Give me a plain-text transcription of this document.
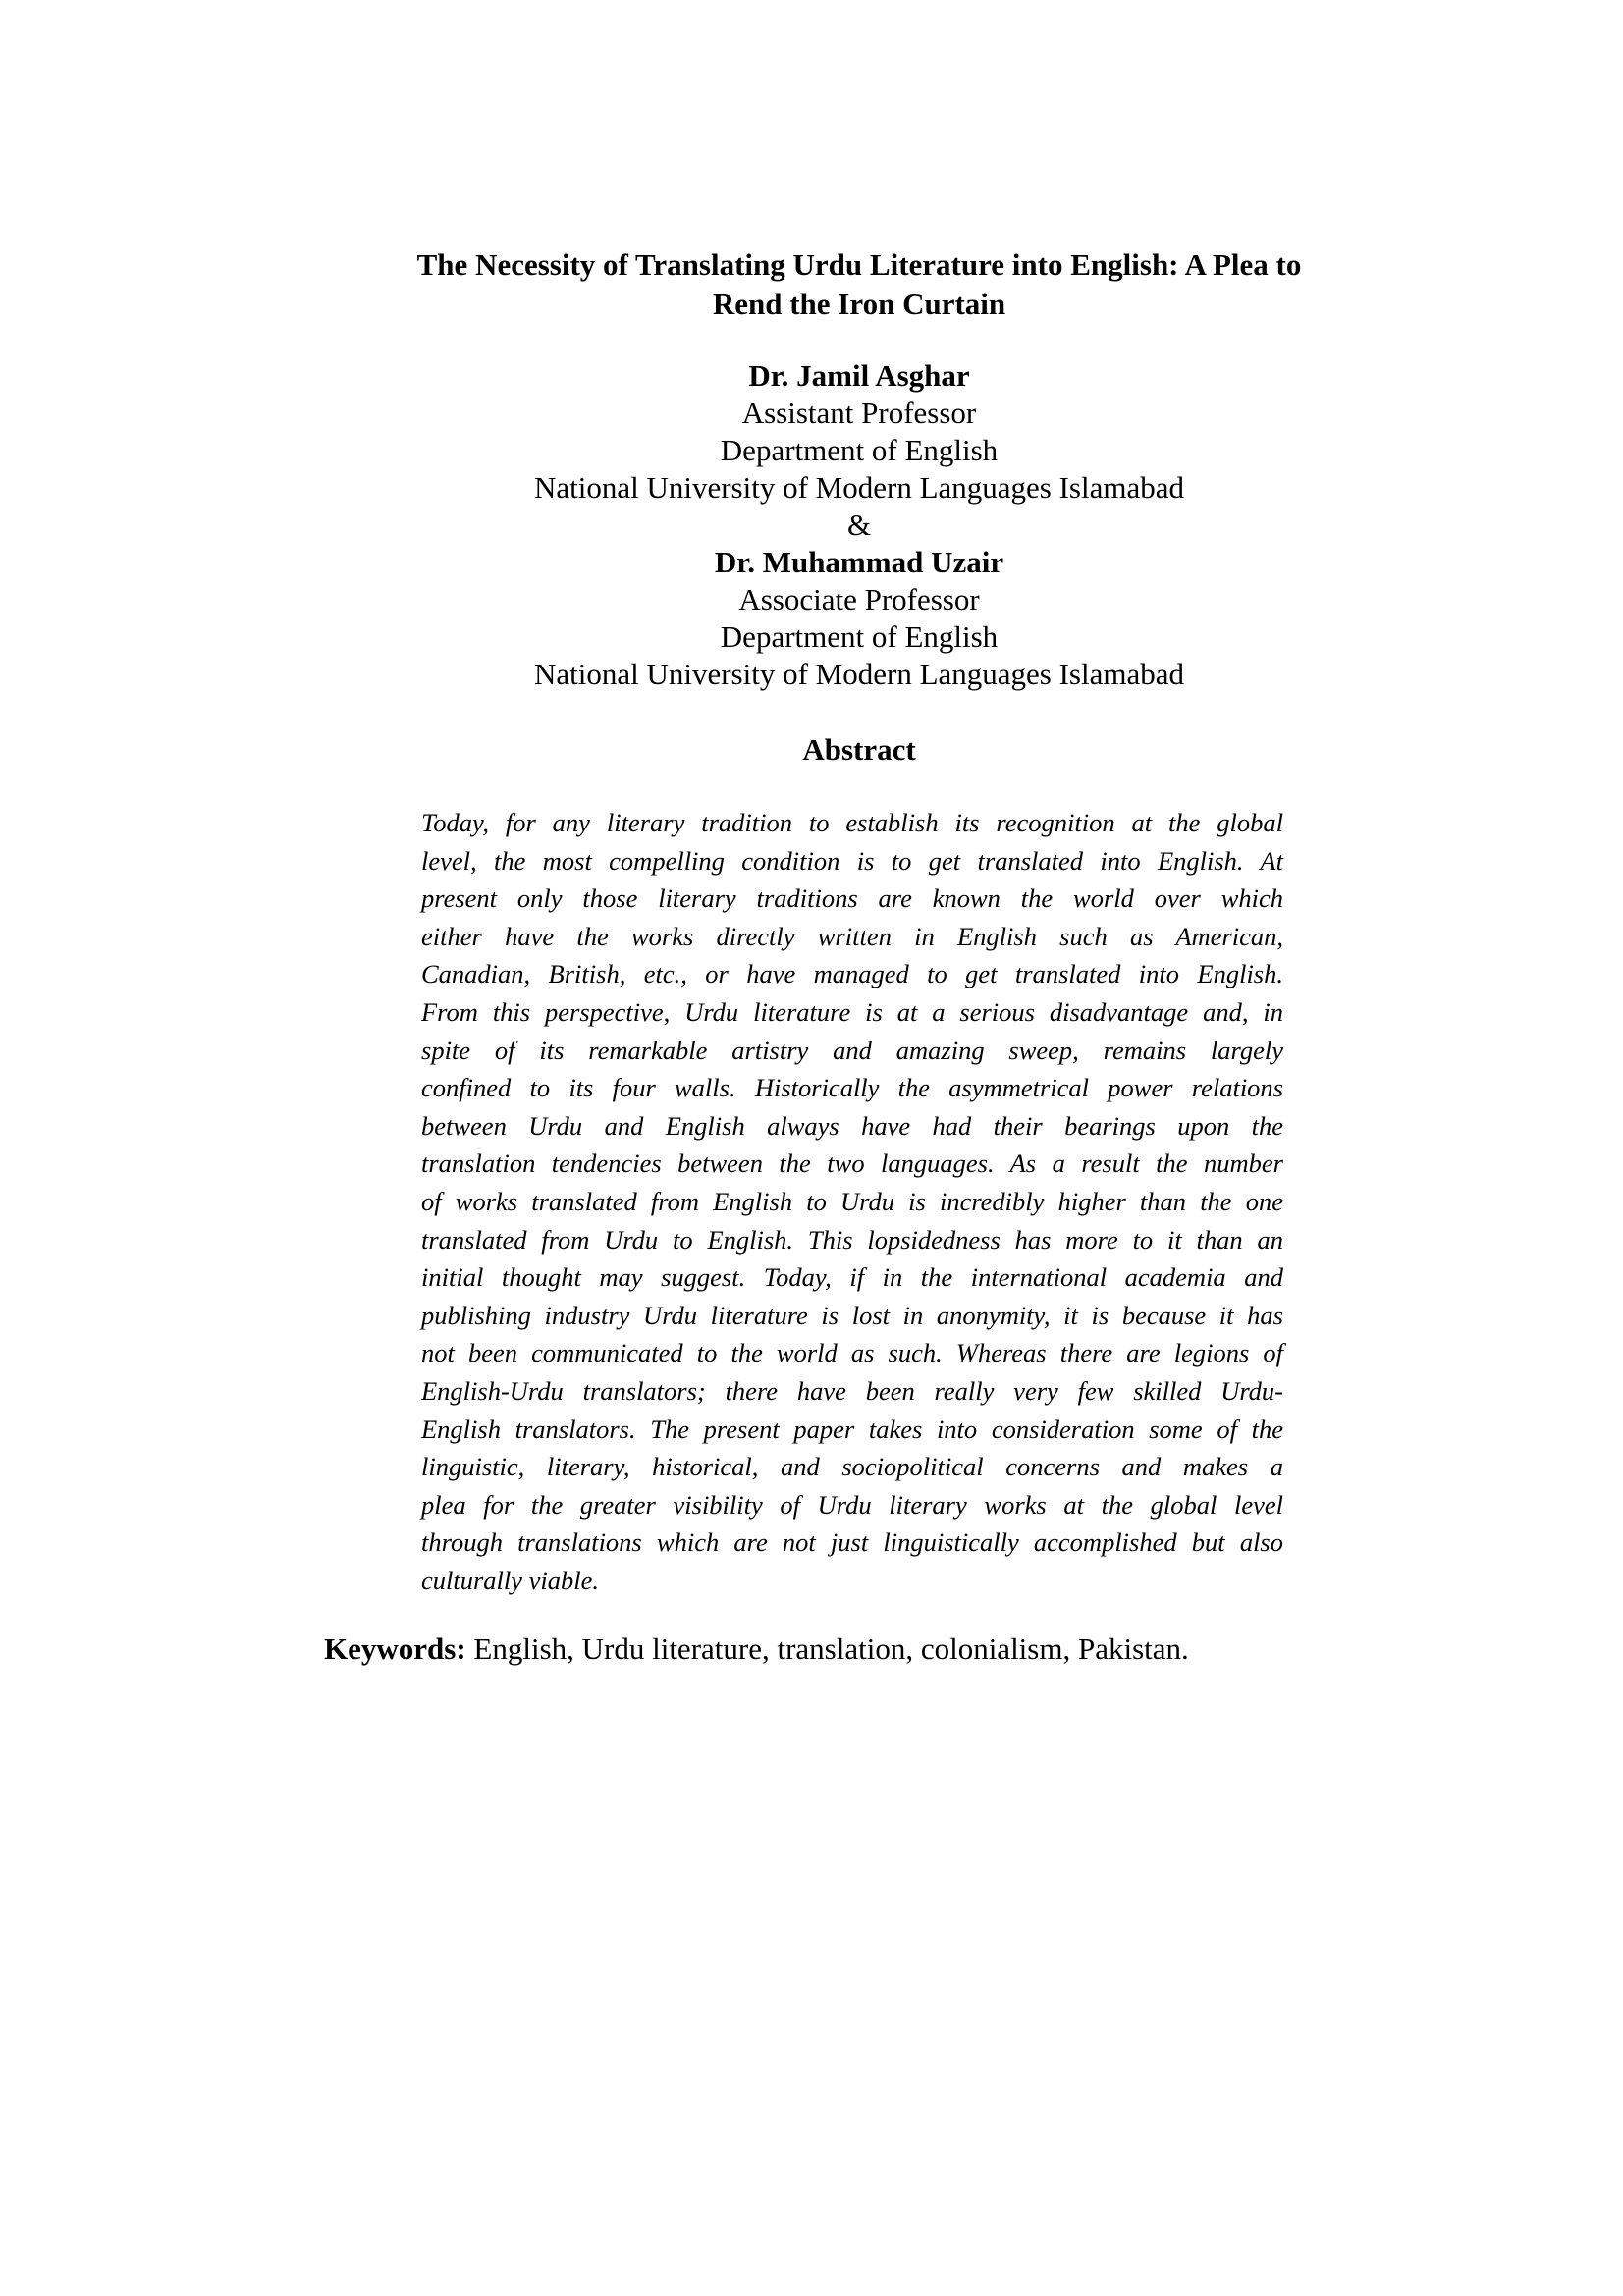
The Necessity of Translating Urdu Literature into English: A Plea to
Rend the Iron Curtain
Dr. Jamil Asghar
Assistant Professor
Department of English
National University of Modern Languages Islamabad
&
Dr. Muhammad Uzair
Associate Professor
Department of English
National University of Modern Languages Islamabad
Abstract
Today, for any literary tradition to establish its recognition at the global
level, the most compelling condition is to get translated into English. At
present only those literary traditions are known the world over which
either have the works directly written in English such as American,
Canadian, British, etc., or have managed to get translated into English.
From this perspective, Urdu literature is at a serious disadvantage and, in
spite of its remarkable artistry and amazing sweep, remains largely
confined to its four walls. Historically the asymmetrical power relations
between Urdu and English always have had their bearings upon the
translation tendencies between the two languages. As a result the number
of works translated from English to Urdu is incredibly higher than the one
translated from Urdu to English. This lopsidedness has more to it than an
initial thought may suggest. Today, if in the international academia and
publishing industry Urdu literature is lost in anonymity, it is because it has
not been communicated to the world as such. Whereas there are legions of
English-Urdu translators; there have been really very few skilled Urdu-
English translators. The present paper takes into consideration some of the
linguistic, literary, historical, and sociopolitical concerns and makes a
plea for the greater visibility of Urdu literary works at the global level
through translations which are not just linguistically accomplished but also
culturally viable.
Keywords: English, Urdu literature, translation, colonialism, Pakistan.
